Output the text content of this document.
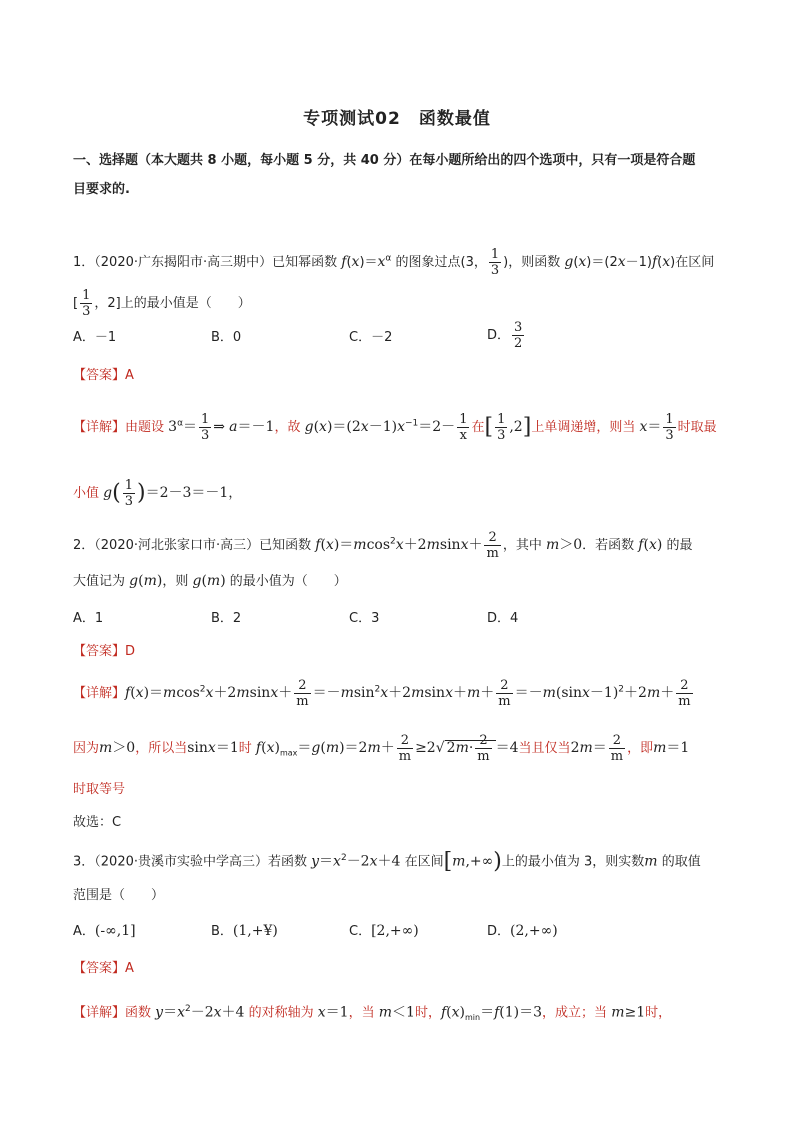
专项测试02　函数最值
一、选择题（本大题共 8 小题，每小题 5 分，共 40 分）在每小题所给出的四个选项中，只有一项是符合题
目要求的.
1．（2020·广东揭阳市·高三期中）已知幂函数 $f(x)=x^\alpha$ 的图象过点(3， $\frac{1}{3}$ )，则函数 g(x)＝(2x－1)f(x)在区间
[ $\frac{1}{3}$ ，2]上的最小值是（　　）
A．－1	B．0	C．－2	D． $\frac{3}{2}$
【答案】A
【详解】由题设 $3^\alpha= \frac{1}{3}$ ⇒ a＝－1，故 $g(x)=(2x-1)x^{-1}=2- \frac{1}{x}$ 在[ $\frac{1}{3} ,2$]上单调递增，则当 $x= \frac{1}{3}$ 时取最
小值 $g( \frac{1}{3} )=2-3=-1$，
2．（2020·河北张家口市·高三）已知函数 $f(x)=mcos^2x+2msinx+ \frac{2}{m}$ ，其中 m＞0．若函数 f(x) 的最
大值记为 g(m)，则 g(m) 的最小值为（　　）
A．1	B．2	C．3	D．4
【答案】D
【详解】$f(x)=mcos^2x+2msinx+ \frac{2}{m} =-msin^2x+2msinx+m+ \frac{2}{m} =-m(\sin x-1)^2+2m+ \frac{2}{m}$
因为m＞0，所以当sinx＝1时 $f(x)_{max}=g(m)=2m+ \frac{2}{m} \ge 2√$ $2m\cdot \frac{2}{m} =4$当且仅当$2m= \frac{2}{m}$ ，即m＝1
时取等号
故选：C
3．（2020·贵溪市实验中学高三）若函数 $y=x^2-2x+4$ 在区间[m,+∞)上的最小值为 3，则实数m 的取值
范围是（　　）
A．(-∞,1]	B．(1,+¥)	C．[2,+∞)	D．(2,+∞)
【答案】A
【详解】函数 $y=x^2-2x+4$ 的对称轴为 x＝1，当 m＜1时，$f(x)_{min}=f(1)=3$，成立；当 m≥1时，
